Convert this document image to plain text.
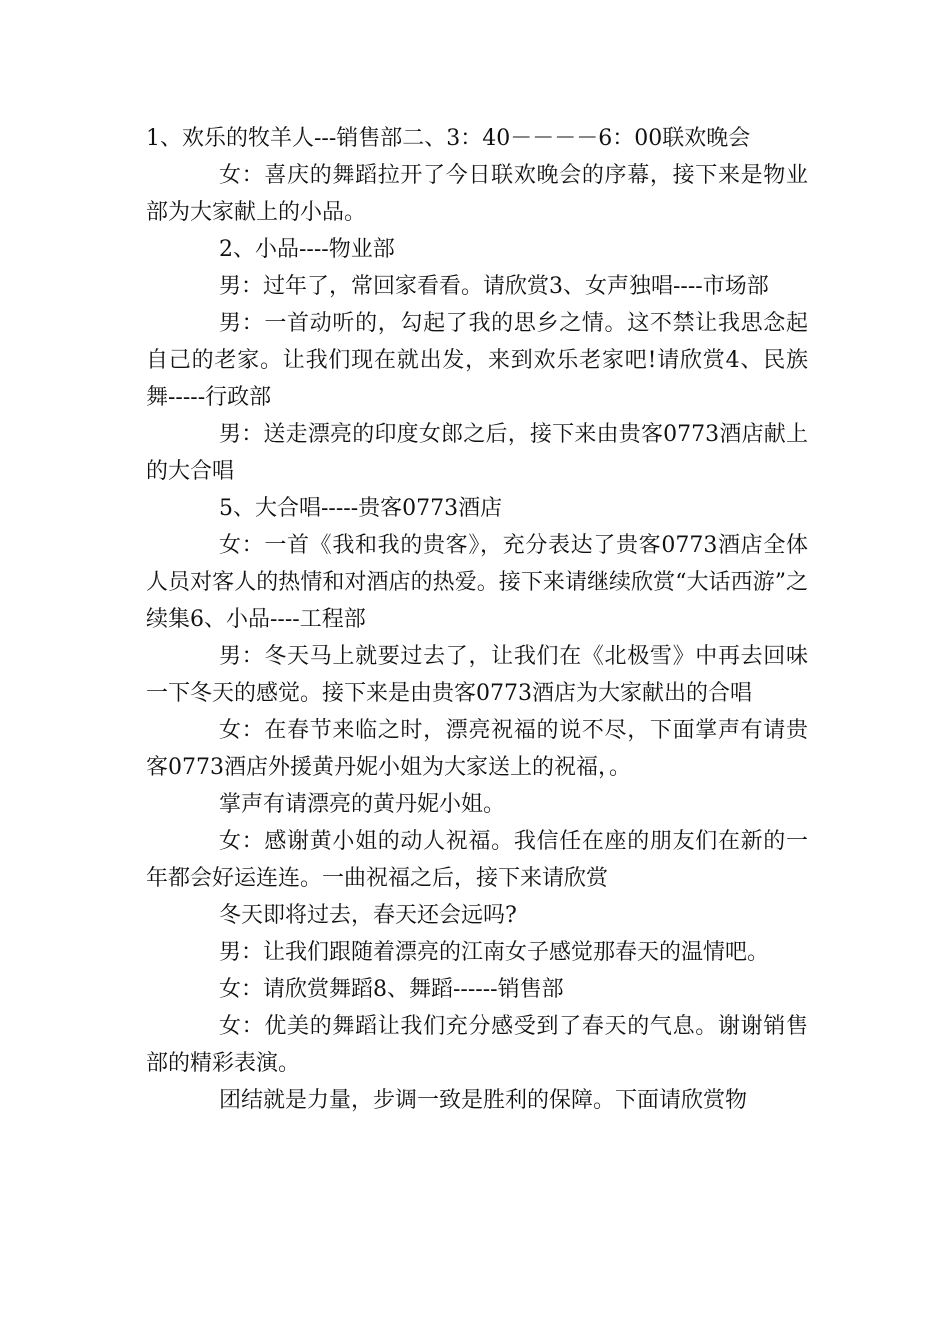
1、欢乐的牧羊人---销售部二、3：40－－－－6：00联欢晚会

女：喜庆的舞蹈拉开了今日联欢晚会的序幕，接下来是物业部为大家献上的小品。

2、小品----物业部

男：过年了，常回家看看。请欣赏3、女声独唱----市场部

男：一首动听的，勾起了我的思乡之情。这不禁让我思念起自己的老家。让我们现在就出发，来到欢乐老家吧!请欣赏4、民族舞-----行政部

男：送走漂亮的印度女郎之后，接下来由贵客0773酒店献上的大合唱

5、大合唱-----贵客0773酒店

女：一首《我和我的贵客》，充分表达了贵客0773酒店全体人员对客人的热情和对酒店的热爱。接下来请继续欣赏“大话西游”之续集6、小品----工程部

男：冬天马上就要过去了，让我们在《北极雪》中再去回味一下冬天的感觉。接下来是由贵客0773酒店为大家献出的合唱

女：在春节来临之时，漂亮祝福的说不尽，下面掌声有请贵客0773酒店外援黄丹妮小姐为大家送上的祝福，。

掌声有请漂亮的黄丹妮小姐。

女：感谢黄小姐的动人祝福。我信任在座的朋友们在新的一年都会好运连连。一曲祝福之后，接下来请欣赏

冬天即将过去，春天还会远吗?

男：让我们跟随着漂亮的江南女子感觉那春天的温情吧。

女：请欣赏舞蹈8、舞蹈------销售部

女：优美的舞蹈让我们充分感受到了春天的气息。谢谢销售部的精彩表演。

团结就是力量，步调一致是胜利的保障。下面请欣赏物
